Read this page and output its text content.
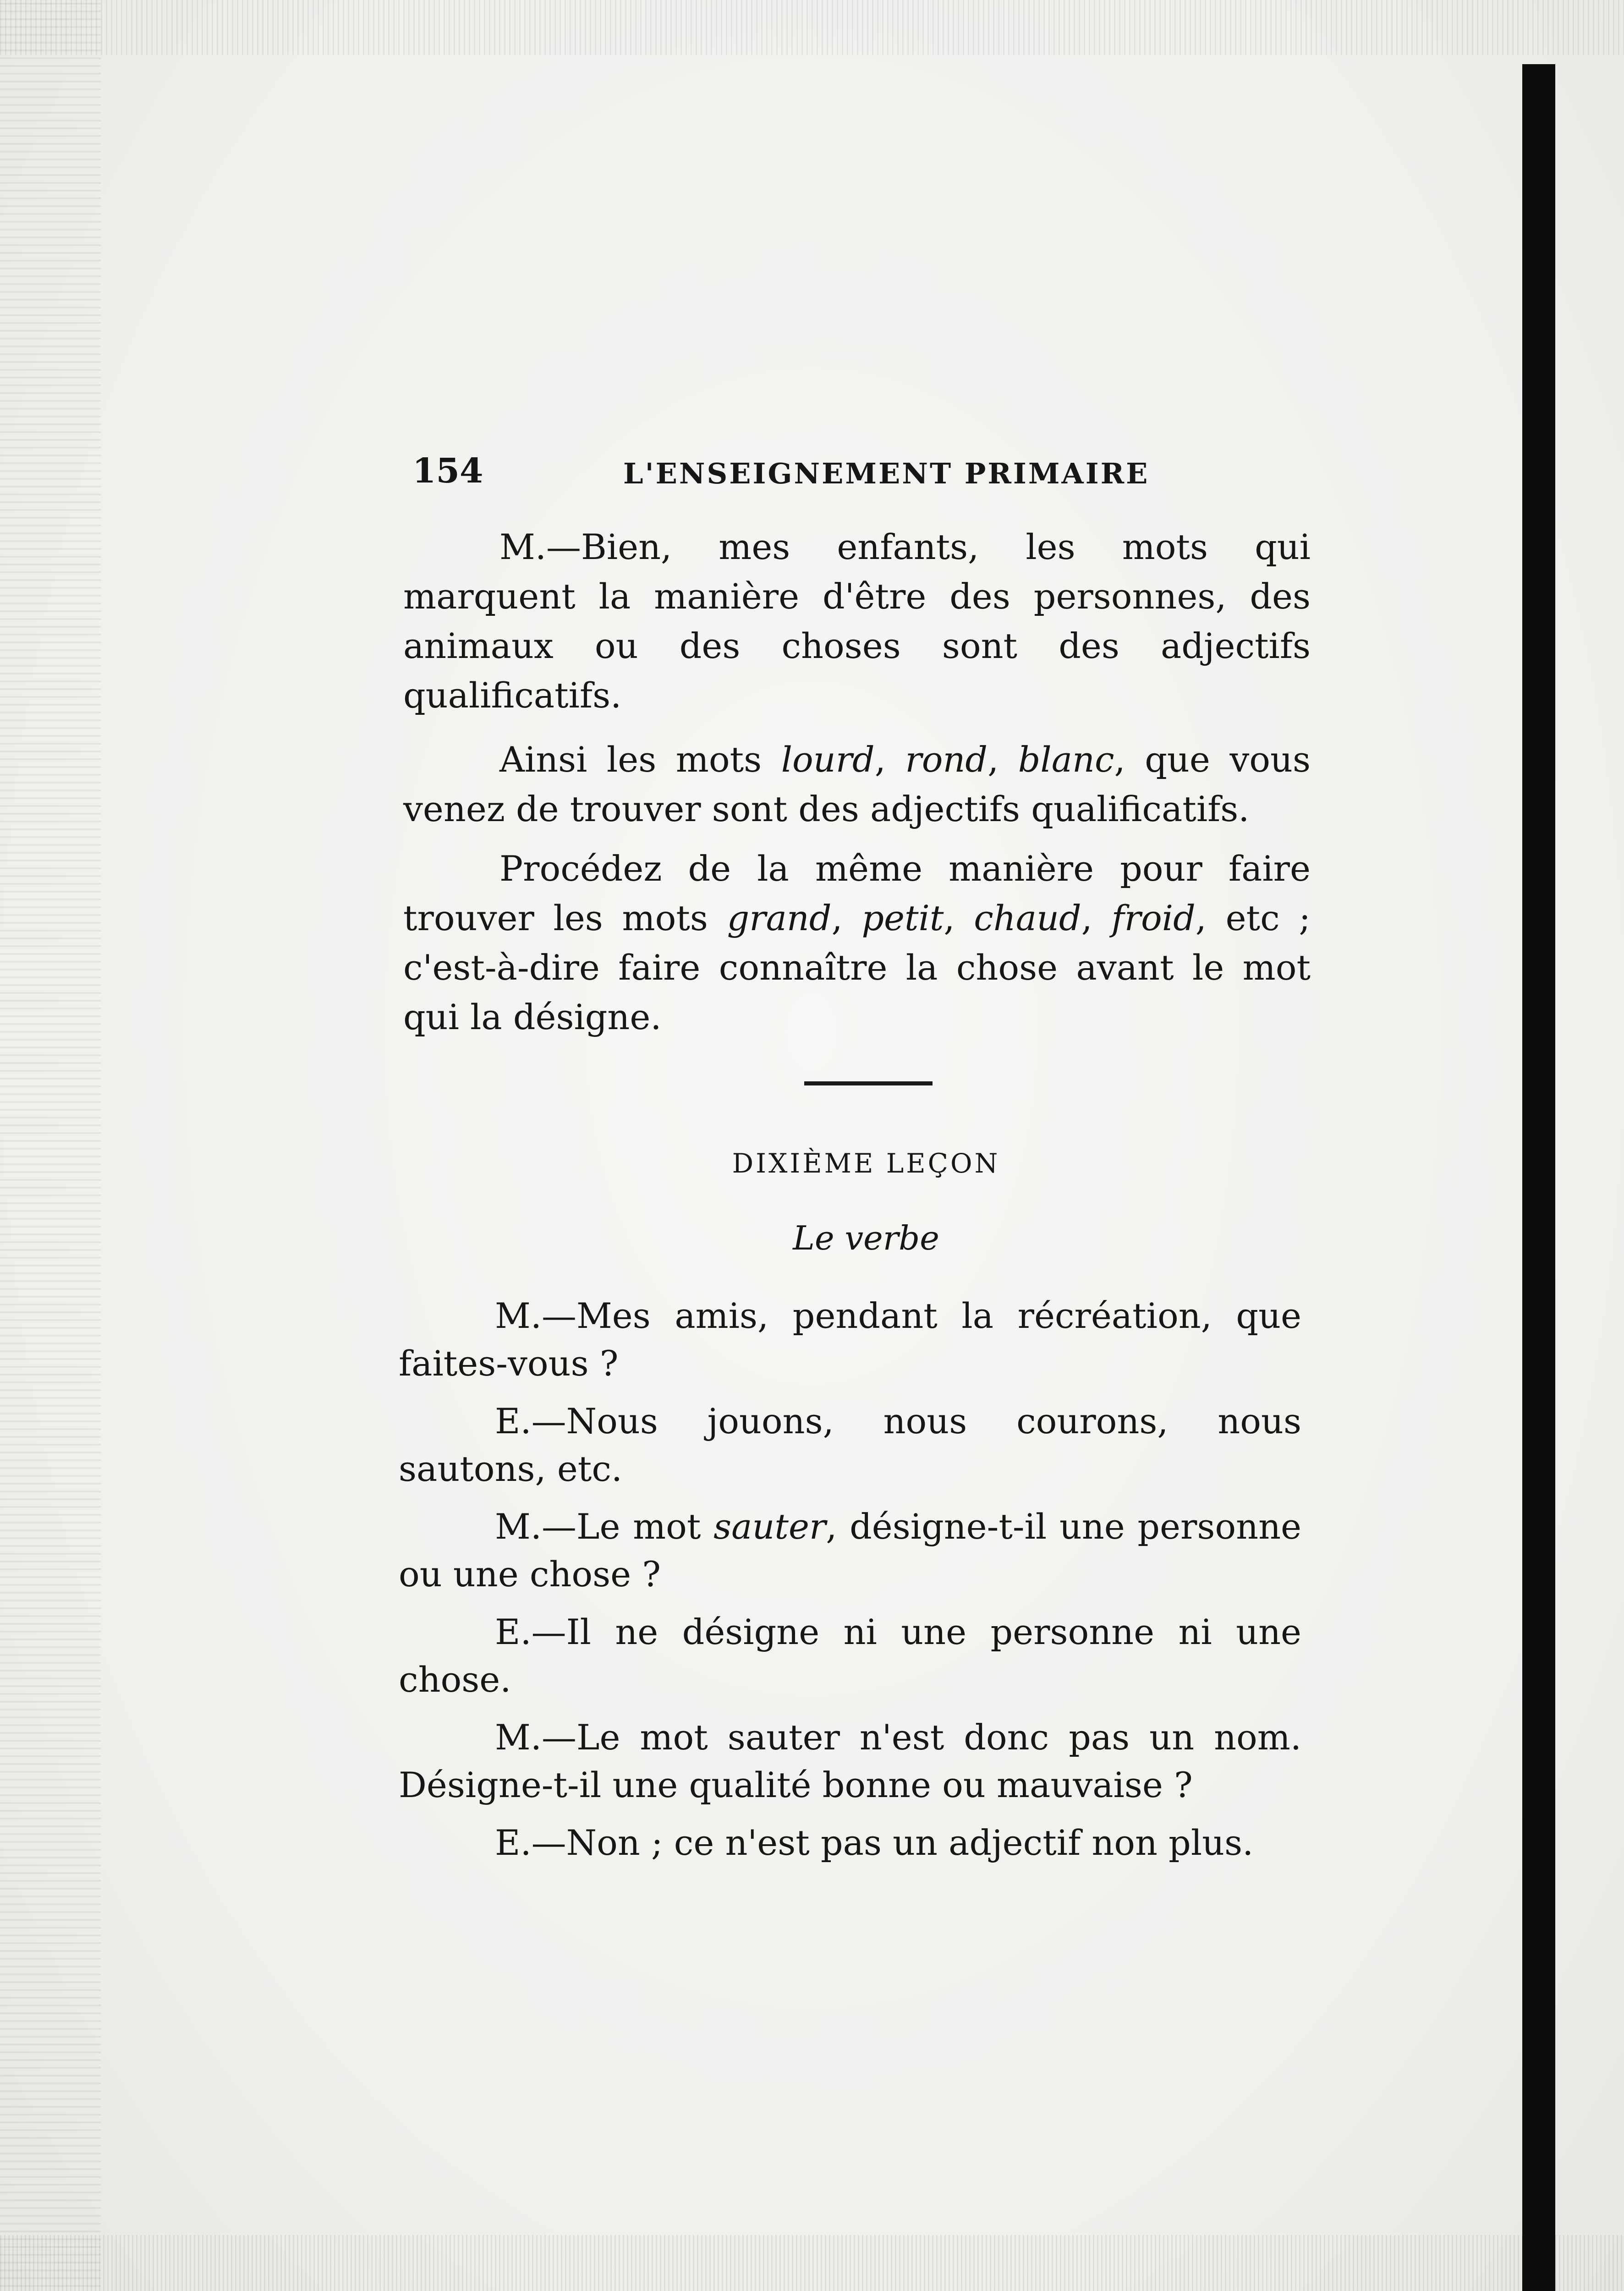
154	L'ENSEIGNEMENT PRIMAIRE

M.—Bien, mes enfants, les mots qui marquent la manière d'être des personnes, des animaux ou des choses sont des adjectifs qualificatifs.

Ainsi les mots lourd, rond, blanc, que vous venez de trouver sont des adjectifs qualificatifs.

Procédez de la même manière pour faire trouver les mots grand, petit, chaud, froid, etc ; c'est-à-dire faire connaître la chose avant le mot qui la désigne.

DIXIÈME LEÇON
Le verbe

M.—Mes amis, pendant la récréation, que faites-vous ?

E.—Nous jouons, nous courons, nous sautons, etc.

M.—Le mot sauter, désigne-t-il une personne ou une chose ?

E.—Il ne désigne ni une personne ni une chose.

M.—Le mot sauter n'est donc pas un nom. Désigne-t-il une qualité bonne ou mauvaise ?

E.—Non ; ce n'est pas un adjectif non plus.
